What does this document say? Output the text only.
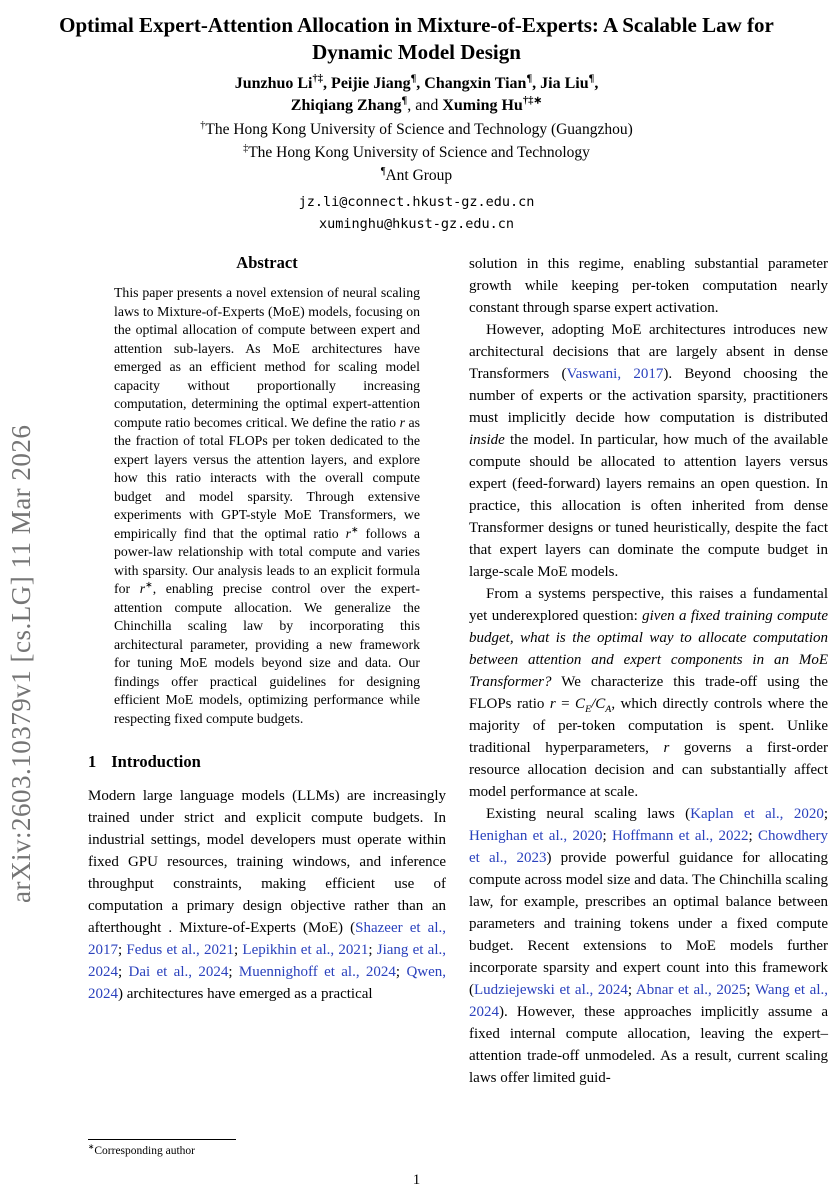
arXiv:2603.10379v1 [cs.LG] 11 Mar 2026
Optimal Expert-Attention Allocation in Mixture-of-Experts: A Scalable Law for Dynamic Model Design
Junzhuo Li†‡, Peijie Jiang¶, Changxin Tian¶, Jia Liu¶,
Zhiqiang Zhang¶, and Xuming Hu†‡∗
†The Hong Kong University of Science and Technology (Guangzhou)
‡The Hong Kong University of Science and Technology
¶Ant Group
jz.li@connect.hkust-gz.edu.cn
xuminghu@hkust-gz.edu.cn
Abstract

This paper presents a novel extension of neural scaling laws to Mixture-of-Experts (MoE) models, focusing on the optimal allocation of compute between expert and attention sub-layers. As MoE architectures have emerged as an efficient method for scaling model capacity without proportionally increasing computation, determining the optimal expert-attention compute ratio becomes critical. We define the ratio r as the fraction of total FLOPs per token dedicated to the expert layers versus the attention layers, and explore how this ratio interacts with the overall compute budget and model sparsity. Through extensive experiments with GPT-style MoE Transformers, we empirically find that the optimal ratio r∗ follows a power-law relationship with total compute and varies with sparsity. Our analysis leads to an explicit formula for r∗, enabling precise control over the expert-attention compute allocation. We generalize the Chinchilla scaling law by incorporating this architectural parameter, providing a new framework for tuning MoE models beyond size and data. Our findings offer practical guidelines for designing efficient MoE models, optimizing performance while respecting fixed compute budgets.

1 Introduction

Modern large language models (LLMs) are increasingly trained under strict and explicit compute budgets. In industrial settings, model developers must operate within fixed GPU resources, training windows, and inference throughput constraints, making efficient use of computation a primary design objective rather than an afterthought . Mixture-of-Experts (MoE) (Shazeer et al., 2017; Fedus et al., 2021; Lepikhin et al., 2021; Jiang et al., 2024; Dai et al., 2024; Muennighoff et al., 2024; Qwen, 2024) architectures have emerged as a practical

solution in this regime, enabling substantial parameter growth while keeping per-token computation nearly constant through sparse expert activation.

However, adopting MoE architectures introduces new architectural decisions that are largely absent in dense Transformers (Vaswani, 2017). Beyond choosing the number of experts or the activation sparsity, practitioners must implicitly decide how computation is distributed inside the model. In particular, how much of the available compute should be allocated to attention layers versus expert (feed-forward) layers remains an open question. In practice, this allocation is often inherited from dense Transformer designs or tuned heuristically, despite the fact that expert layers can dominate the compute budget in large-scale MoE models.

From a systems perspective, this raises a fundamental yet underexplored question: given a fixed training compute budget, what is the optimal way to allocate computation between attention and expert components in an MoE Transformer? We characterize this trade-off using the FLOPs ratio $r = C_E/C_A$, which directly controls where the majority of per-token computation is spent. Unlike traditional hyperparameters, r governs a first-order resource allocation decision and can substantially affect model performance at scale.

Existing neural scaling laws (Kaplan et al., 2020; Henighan et al., 2020; Hoffmann et al., 2022; Chowdhery et al., 2023) provide powerful guidance for allocating compute across model size and data. The Chinchilla scaling law, for example, prescribes an optimal balance between parameters and training tokens under a fixed compute budget. Recent extensions to MoE models further incorporate sparsity and expert count into this framework (Ludziejewski et al., 2024; Abnar et al., 2025; Wang et al., 2024). However, these approaches implicitly assume a fixed internal compute allocation, leaving the expert–attention trade-off unmodeled. As a result, current scaling laws offer limited guid-

∗Corresponding author
1
